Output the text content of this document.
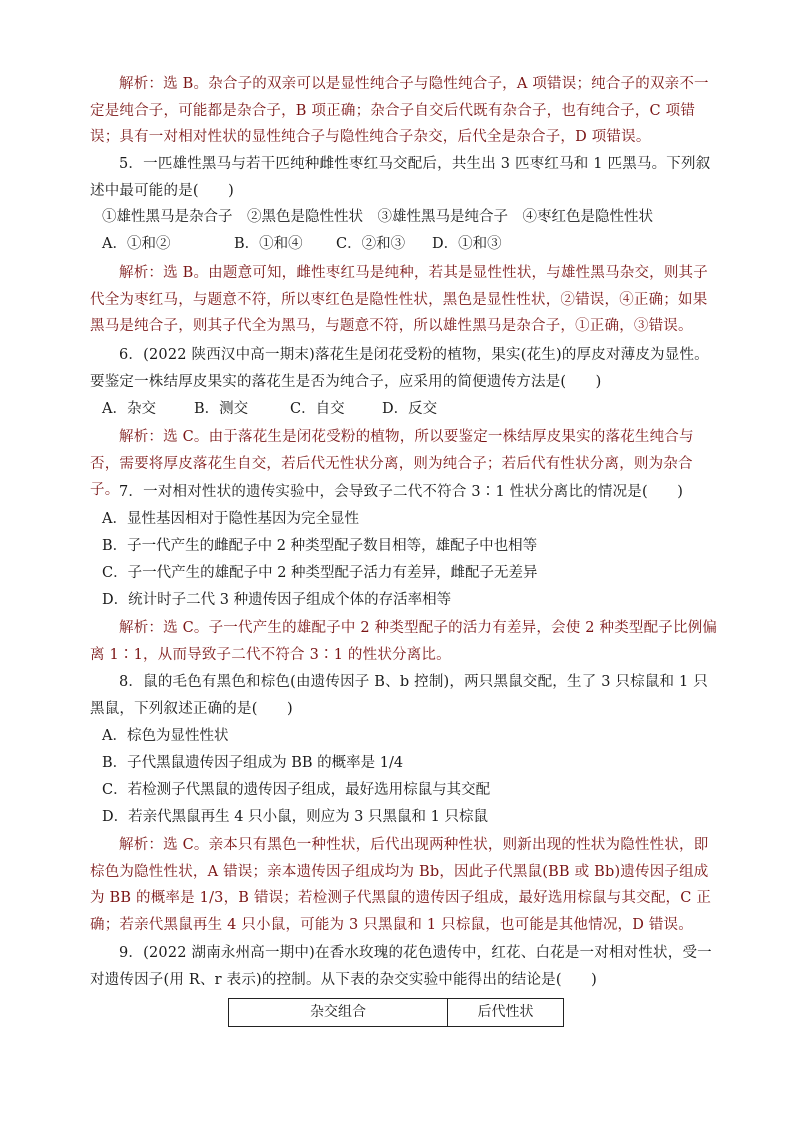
解析：选 B。杂合子的双亲可以是显性纯合子与隐性纯合子，A 项错误；纯合子的双亲不一定是纯合子，可能都是杂合子，B 项正确；杂合子自交后代既有杂合子，也有纯合子，C 项错误；具有一对相对性状的显性纯合子与隐性纯合子杂交，后代全是杂合子，D 项错误。
5．一匹雄性黑马与若干匹纯种雌性枣红马交配后，共生出 3 匹枣红马和 1 匹黑马。下列叙述中最可能的是(　　)
①雄性黑马是杂合子　②黑色是隐性性状　③雄性黑马是纯合子　④枣红色是隐性性状
A．①和②	B．①和④ C．②和③ D．①和③
解析：选 B。由题意可知，雌性枣红马是纯种，若其是显性性状，与雄性黑马杂交，则其子代全为枣红马，与题意不符，所以枣红色是隐性性状，黑色是显性性状，②错误，④正确；如果黑马是纯合子，则其子代全为黑马，与题意不符，所以雄性黑马是杂合子，①正确，③错误。
6．(2022 陕西汉中高一期末)落花生是闭花受粉的植物，果实(花生)的厚皮对薄皮为显性。要鉴定一株结厚皮果实的落花生是否为纯合子，应采用的简便遗传方法是(　　)
A．杂交	B．测交	C．自交	D．反交
解析：选 C。由于落花生是闭花受粉的植物，所以要鉴定一株结厚皮果实的落花生纯合与否，需要将厚皮落花生自交，若后代无性状分离，则为纯合子；若后代有性状分离，则为杂合子。 7．一对相对性状的遗传实验中，会导致子二代不符合 3∶1 性状分离比的情况是(　　)
A．显性基因相对于隐性基因为完全显性
B．子一代产生的雌配子中 2 种类型配子数目相等，雄配子中也相等
C．子一代产生的雄配子中 2 种类型配子活力有差异，雌配子无差异
D．统计时子二代 3 种遗传因子组成个体的存活率相等
解析：选 C。子一代产生的雄配子中 2 种类型配子的活力有差异，会使 2 种类型配子比例偏离 1∶1，从而导致子二代不符合 3∶1 的性状分离比。
8．鼠的毛色有黑色和棕色(由遗传因子 B、b 控制)，两只黑鼠交配，生了 3 只棕鼠和 1 只黑鼠，下列叙述正确的是(　　)
A．棕色为显性性状
B．子代黑鼠遗传因子组成为 BB 的概率是 1/4
C．若检测子代黑鼠的遗传因子组成，最好选用棕鼠与其交配
D．若亲代黑鼠再生 4 只小鼠，则应为 3 只黑鼠和 1 只棕鼠
解析：选 C。亲本只有黑色一种性状，后代出现两种性状，则新出现的性状为隐性性状，即棕色为隐性性状，A 错误；亲本遗传因子组成均为 Bb，因此子代黑鼠(BB 或 Bb)遗传因子组成为 BB 的概率是 1/3，B 错误；若检测子代黑鼠的遗传因子组成，最好选用棕鼠与其交配，C 正确；若亲代黑鼠再生 4 只小鼠，可能为 3 只黑鼠和 1 只棕鼠，也可能是其他情况，D 错误。
9．(2022 湖南永州高一期中)在香水玫瑰的花色遗传中，红花、白花是一对相对性状，受一对遗传因子(用 R、r 表示)的控制。从下表的杂交实验中能得出的结论是(　　)
杂交组合	后代性状
